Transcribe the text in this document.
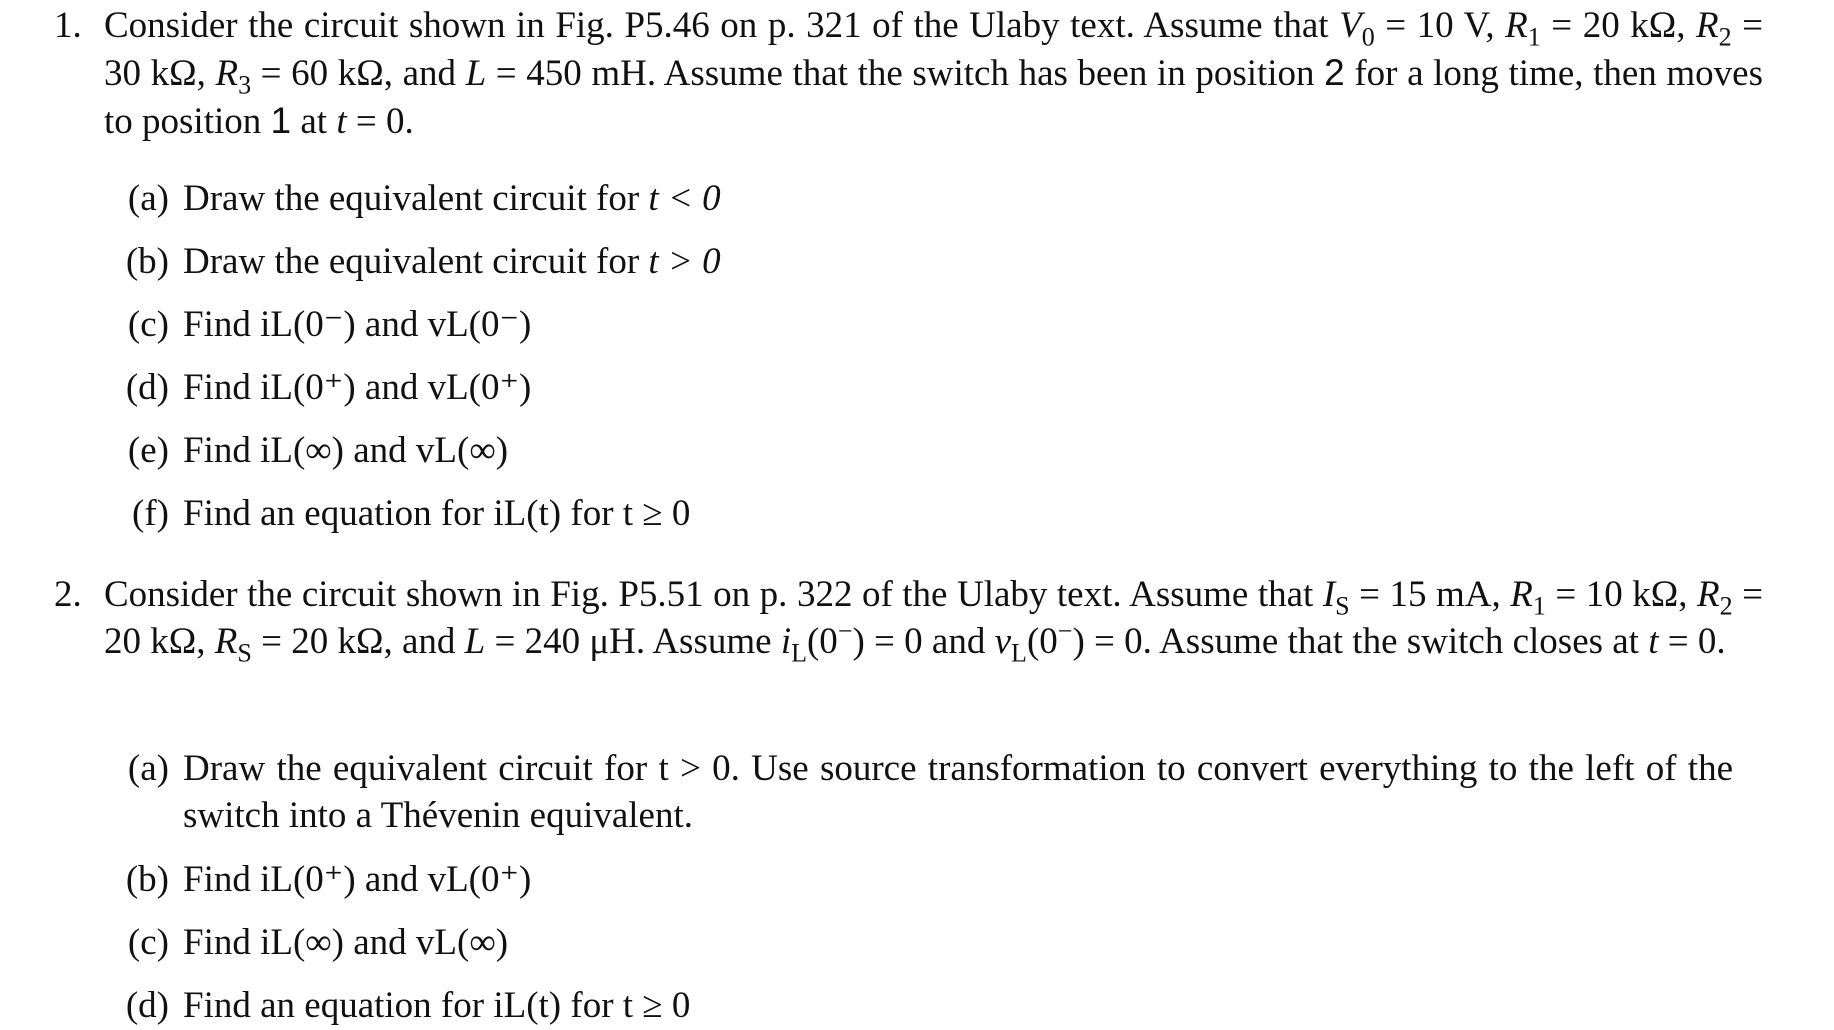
1. Consider the circuit shown in Fig. P5.46 on p. 321 of the Ulaby text. Assume that $V_0 = 10$ V, $R_1 = 20$ kΩ, $R_2 = 30$ kΩ, $R_3 = 60$ kΩ, and L = 450 mH. Assume that the switch has been in position 2 for a long time, then moves to position 1 at t = 0.
(a) Draw the equivalent circuit for t < 0
(b) Draw the equivalent circuit for t > 0
(c) Find iL(0⁻) and vL(0⁻)
(d) Find iL(0⁺) and vL(0⁺)
(e) Find iL(∞) and vL(∞)
(f) Find an equation for iL(t) for t ≥ 0
2. Consider the circuit shown in Fig. P5.51 on p. 322 of the Ulaby text. Assume that $I_S = 15$ mA, $R_1 = 10$ kΩ, $R_2 = 20$ kΩ, $R_S = 20$ kΩ, and L = 240 μH. Assume $i_L(0^-) = 0$ and $v_L(0^-) = 0$. Assume that the switch closes at t = 0.
(a) Draw the equivalent circuit for t > 0. Use source transformation to convert everything to the left of the switch into a Thévenin equivalent.
(b) Find iL(0⁺) and vL(0⁺)
(c) Find iL(∞) and vL(∞)
(d) Find an equation for iL(t) for t ≥ 0
